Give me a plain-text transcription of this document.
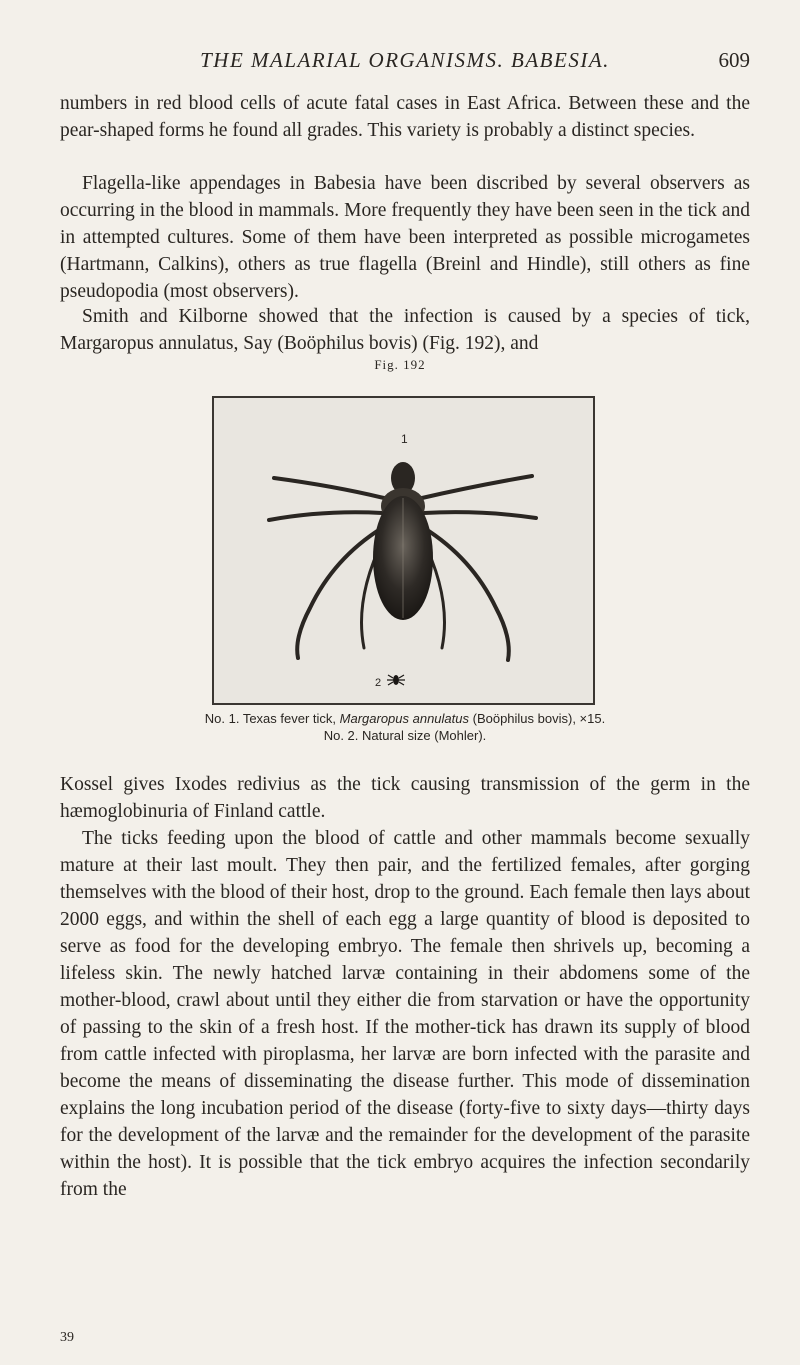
THE MALARIAL ORGANISMS. BABESIA.	609

numbers in red blood cells of acute fatal cases in East Africa. Between these and the pear-shaped forms he found all grades. This variety is probably a distinct species.

Flagella-like appendages in Babesia have been discribed by several observers as occurring in the blood in mammals. More frequently they have been seen in the tick and in attempted cultures. Some of them have been interpreted as possible microgametes (Hartmann, Calkins), others as true flagella (Breinl and Hindle), still others as fine pseudopodia (most observers).

Smith and Kilborne showed that the infection is caused by a species of tick, Margaropus annulatus, Say (Boöphilus bovis) (Fig. 192), and

Fig. 192
1
2
No. 1. Texas fever tick, Margaropus annulatus (Boöphilus bovis), ×15.
No. 2. Natural size (Mohler).

Kossel gives Ixodes redivius as the tick causing transmission of the germ in the hæmoglobinuria of Finland cattle.

The ticks feeding upon the blood of cattle and other mammals become sexually mature at their last moult. They then pair, and the fertilized females, after gorging themselves with the blood of their host, drop to the ground. Each female then lays about 2000 eggs, and within the shell of each egg a large quantity of blood is deposited to serve as food for the developing embryo. The female then shrivels up, becoming a lifeless skin. The newly hatched larvæ containing in their abdomens some of the mother-blood, crawl about until they either die from starvation or have the opportunity of passing to the skin of a fresh host. If the mother-tick has drawn its supply of blood from cattle infected with piroplasma, her larvæ are born infected with the parasite and become the means of disseminating the disease further. This mode of dissemination explains the long incubation period of the disease (forty-five to sixty days—thirty days for the development of the larvæ and the remainder for the development of the parasite within the host). It is possible that the tick embryo acquires the infection secondarily from the

39
